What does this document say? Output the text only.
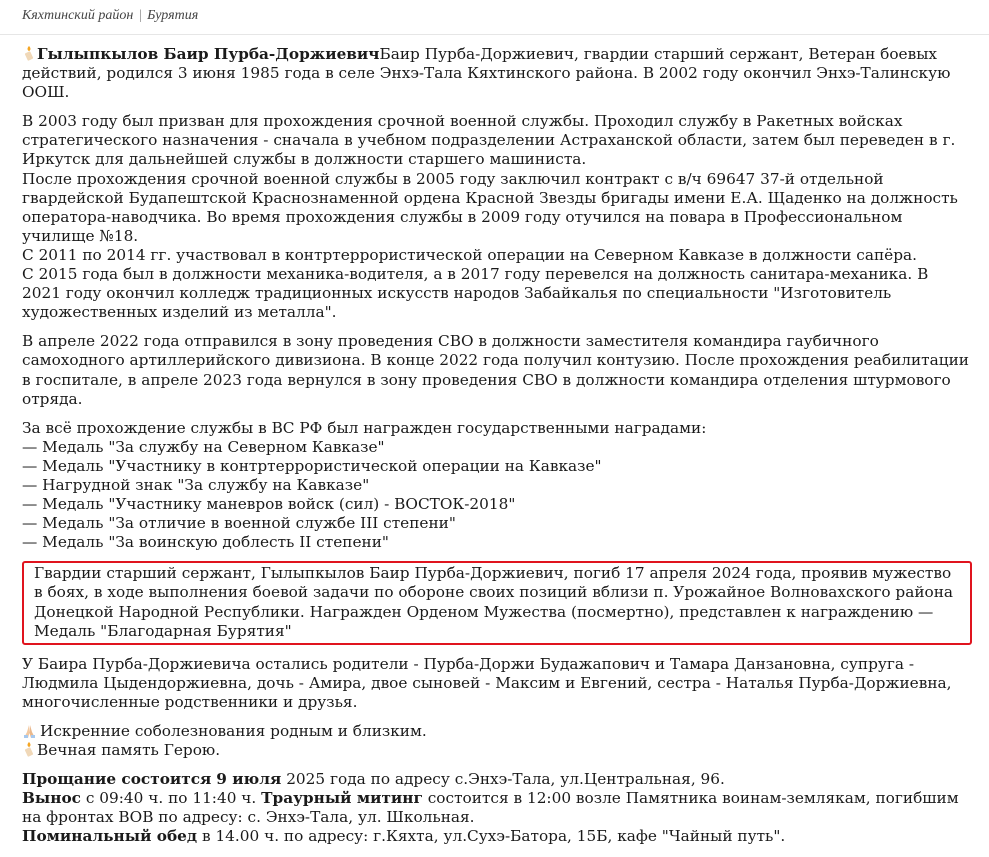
Кяхтинский район | Бурятия

Гылыпкылов Баир Пурба-ДоржиевичБаир Пурба-Доржиевич, гвардии старший сержант, Ветеран боевых действий, родился 3 июня 1985 года в селе Энхэ-Тала Кяхтинского района. В 2002 году окончил Энхэ-Талинскую ООШ.

В 2003 году был призван для прохождения срочной военной службы. Проходил службу в Ракетных войсках стратегического назначения - сначала в учебном подразделении Астраханской области, затем был переведен в г. Иркутск для дальнейшей службы в должности старшего машиниста.
После прохождения срочной военной службы в 2005 году заключил контракт с в/ч 69647 37-й отдельной гвардейской Будапештской Краснознаменной ордена Красной Звезды бригады имени Е.А. Щаденко на должность оператора-наводчика. Во время прохождения службы в 2009 году отучился на повара в Профессиональном училище №18.
С 2011 по 2014 гг. участвовал в контртеррористической операции на Северном Кавказе в должности сапёра.
С 2015 года был в должности механика-водителя, а в 2017 году перевелся на должность санитара-механика. В 2021 году окончил колледж традиционных искусств народов Забайкалья по специальности "Изготовитель художественных изделий из металла".

В апреле 2022 года отправился в зону проведения СВО в должности заместителя командира гаубичного самоходного артиллерийского дивизиона. В конце 2022 года получил контузию. После прохождения реабилитации в госпитале, в апреле 2023 года вернулся в зону проведения СВО в должности командира отделения штурмового отряда.

За всё прохождение службы в ВС РФ был награжден государственными наградами:
— Медаль "За службу на Северном Кавказе"
— Медаль "Участнику в контртеррористической операции на Кавказе"
— Нагрудной знак "За службу на Кавказе"
— Медаль "Участнику маневров войск (сил) - ВОСТОК-2018"
— Медаль "За отличие в военной службе III степени"
— Медаль "За воинскую доблесть II степени"

Гвардии старший сержант, Гылыпкылов Баир Пурба-Доржиевич, погиб 17 апреля 2024 года, проявив мужество в боях, в ходе выполнения боевой задачи по обороне своих позиций вблизи п. Урожайное Волновахского района Донецкой Народной Республики. Награжден Орденом Мужества (посмертно), представлен к награждению — Медаль "Благодарная Бурятия"

У Баира Пурба-Доржиевича остались родители - Пурба-Доржи Будажапович и Тамара Данзановна, супруга - Людмила Цыдендоржиевна, дочь - Амира, двое сыновей - Максим и Евгений, сестра - Наталья Пурба-Доржиевна, многочисленные родственники и друзья.

Искренние соболезнования родным и близким.
Вечная память Герою.

Прощание состоится 9 июля 2025 года по адресу с.Энхэ-Тала, ул.Центральная, 96.
Вынос с 09:40 ч. по 11:40 ч. Траурный митинг состоится в 12:00 возле Памятника воинам-землякам, погибшим на фронтах ВОВ по адресу: с. Энхэ-Тала, ул. Школьная.
Поминальный обед в 14.00 ч. по адресу: г.Кяхта, ул.Сухэ-Батора, 15Б, кафе "Чайный путь".
